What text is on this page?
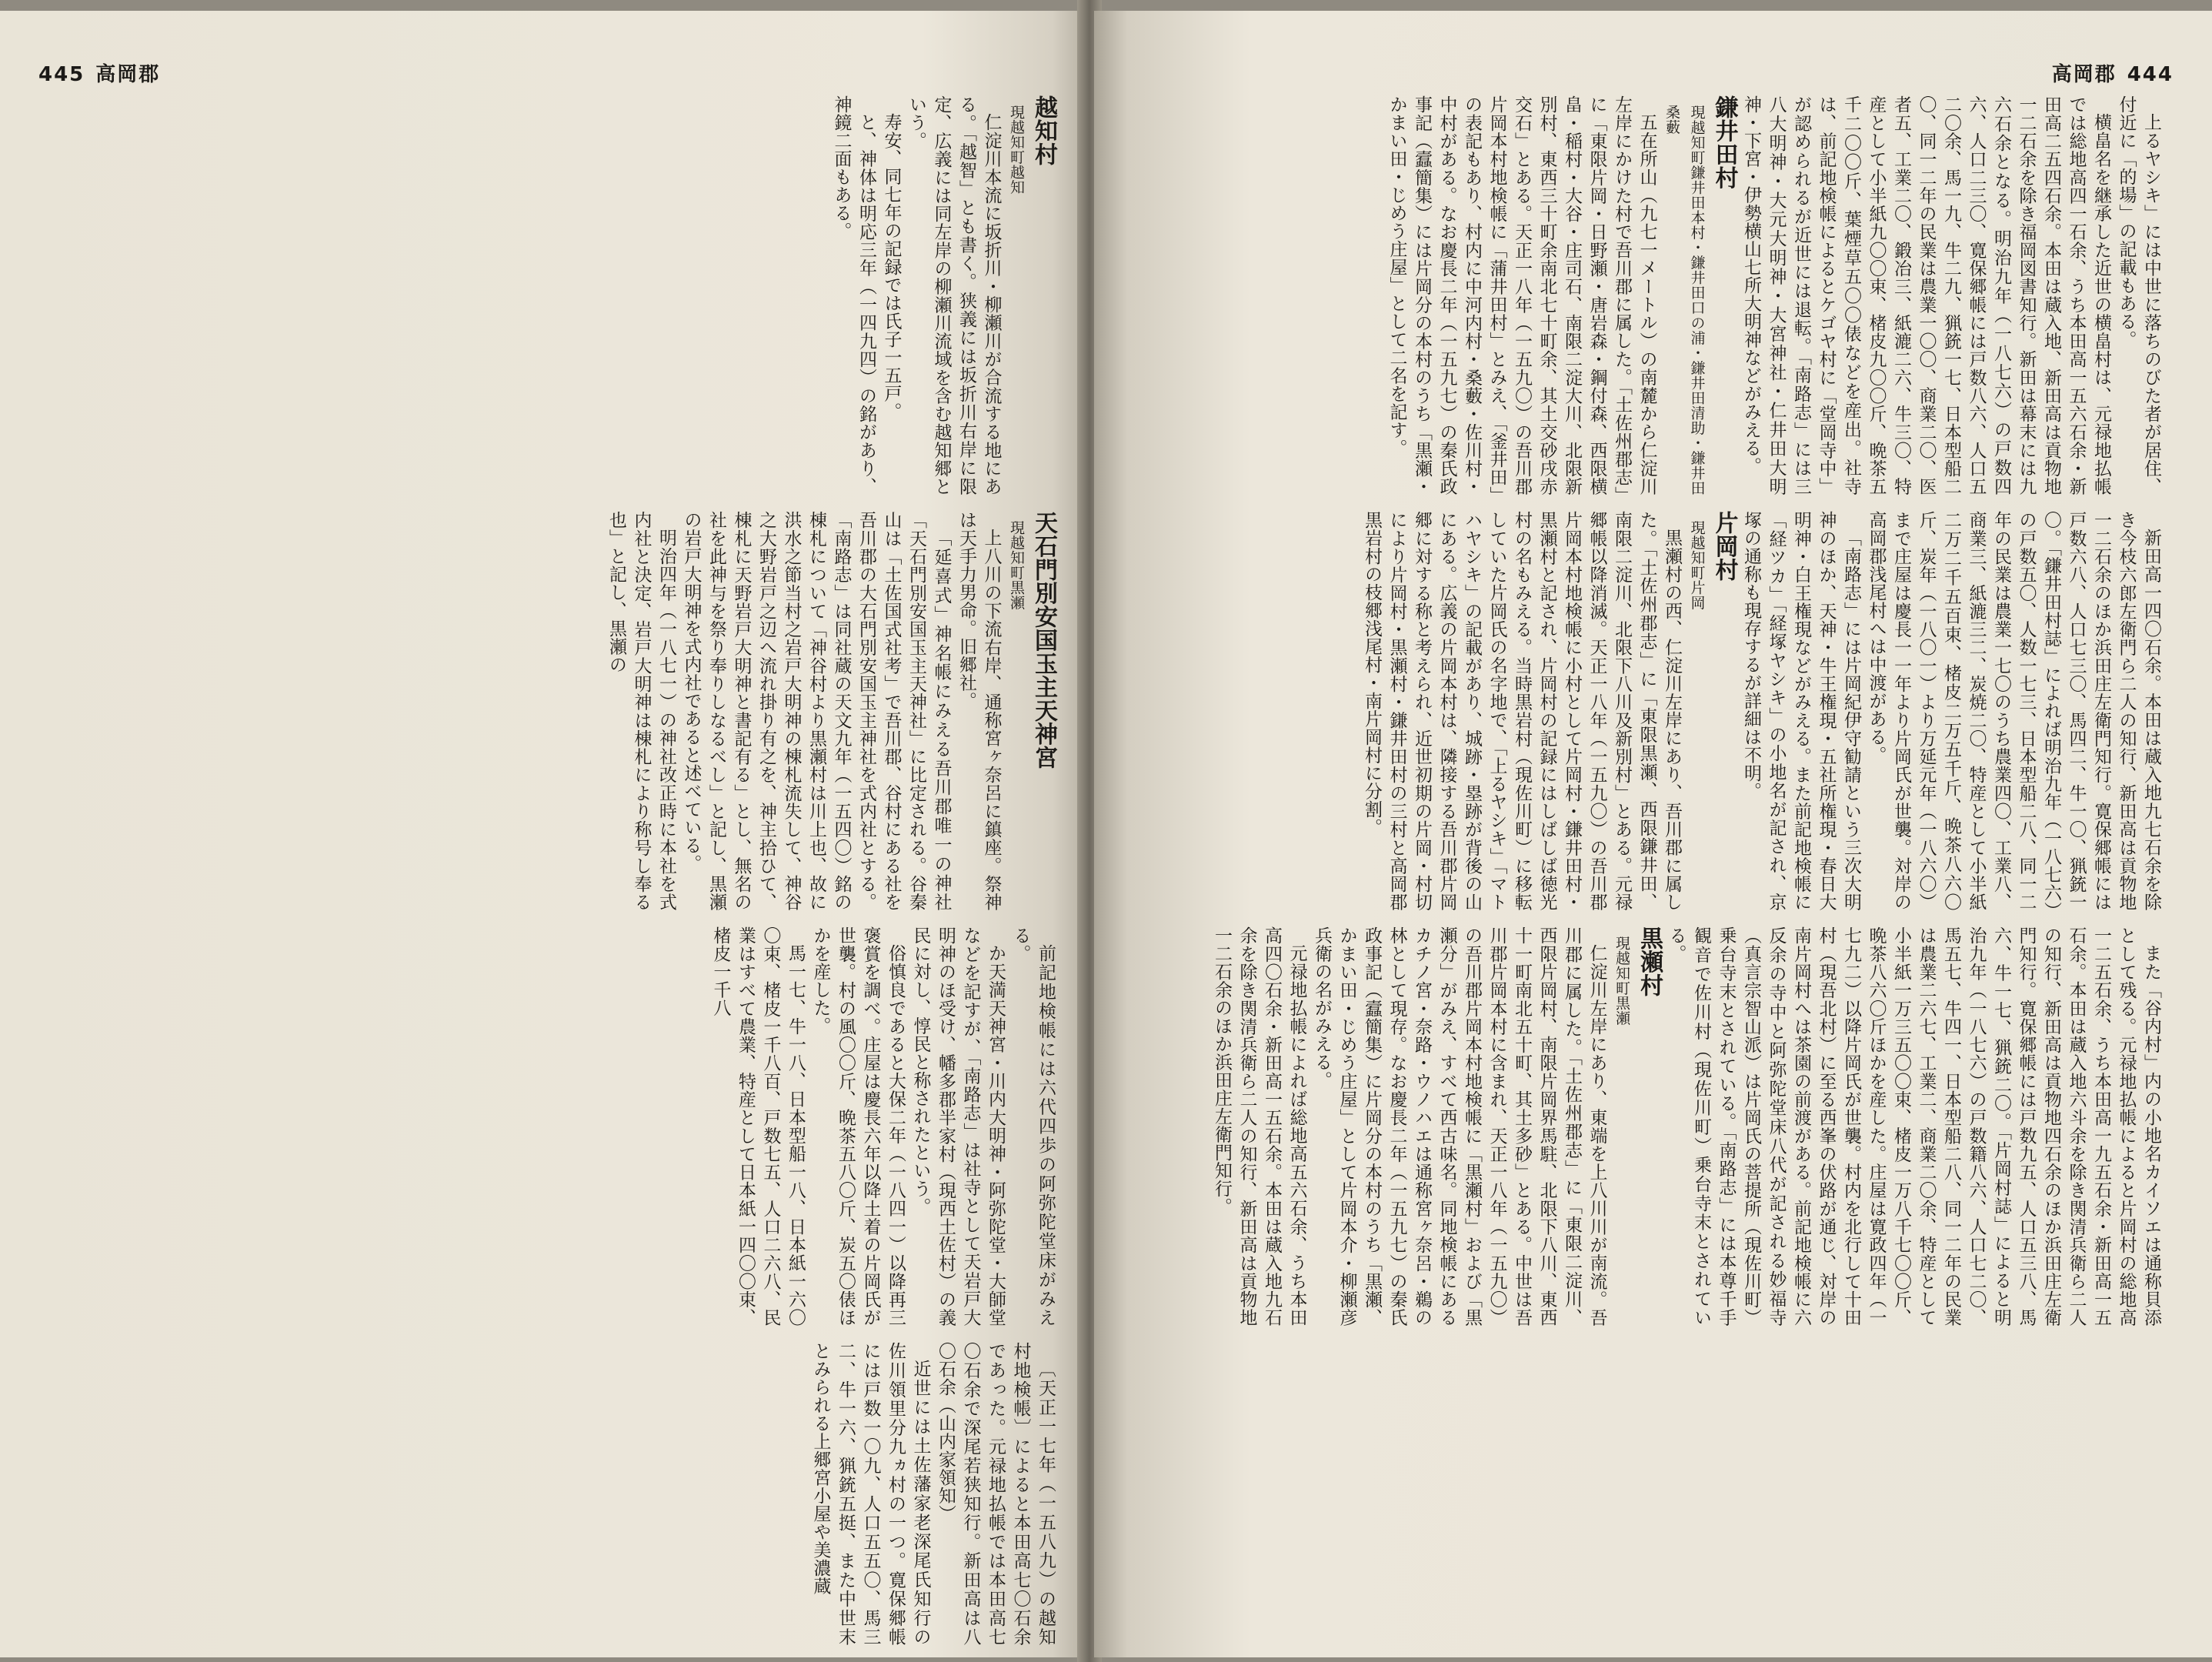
445 高岡郡
越知村
現越知町越知

仁淀川本流に坂折川・柳瀬川が合流する地にある。「越智」とも書く。狭義には坂折川右岸に限定、広義には同左岸の柳瀬川流域を含む越知郷という。

寿安、同七年の記録では氏子一五戸。

と、神体は明応三年（一四九四）の銘があり、神鏡二面もある。

天石門別安国玉主天神宮
現越知町黒瀬

上八川の下流右岸、通称宮ヶ奈呂に鎮座。祭神は天手力男命。旧郷社。

「延喜式」神名帳にみえる吾川郡唯一の神社「天石門別安国玉主天神社」に比定される。谷秦山は「土佐国式社考」で吾川郡、谷村にある社を吾川郡の大石門別安国玉主神社を式内社とする。「南路志」は同社蔵の天文九年（一五四〇）銘の棟札について「神谷村より黒瀬村は川上也、故に洪水之節当村之岩戸大明神の棟札流失して、神谷之大野岩戸之辺へ流れ掛り有之を、神主拾ひて、棟札に天野岩戸大明神と書記有る」とし、無名の社を此神与を祭り奉りしなるべし」と記し、黒瀬の岩戸大明神を式内社であると述べている。

明治四年（一八七一）の神社改正時に本社を式内社と決定、岩戸大明神は棟札により称号し奉る也」と記し、黒瀬の

前記地検帳には六代四歩の阿弥陀堂床がみえる。

か天満天神宮・川内大明神・阿弥陀堂・大師堂などを記すが、「南路志」は社寺として天岩戸大明神のほ受け、幡多郡半家村（現西土佐村）の義民に対し、惇民と称されたという。

俗慎良であると大保二年（一八四一）以降再三褒賞を調べ。庄屋は慶長六年以降土着の片岡氏が世襲。村の風〇〇斤、晩茶五八〇斤、炭五〇俵ほかを産した。

馬一七、牛一八、日本型船一八、日本紙一六〇〇束、楮皮一千八百、戸数七五、人口二六八、民業はすべて農業、特産として日本紙一四〇〇束、楮皮一千八

〔天正一七年（一五八九）の越知村地検帳〕によると本田高七〇石余であった。元禄地払帳では本田高七〇石余で深尾若狭知行。新田高は八〇石余（山内家領知）

近世には土佐藩家老深尾氏知行の佐川領里分九ヵ村の一つ。寛保郷帳には戸数一〇九、人口五五〇、馬三二、牛一六、猟銃五挺、また中世末とみられる上郷宮小屋や美濃蔵

高岡郡 444

上るヤシキ」には中世に落ちのびた者が居住、付近に「的場」の記載もある。

横畠名を継承した近世の横畠村は、元禄地払帳では総地高四一石余、うち本田高一五六石余・新田高二五四石余。本田は蔵入地、新田高は貢物地一二石余を除き福岡図書知行。新田は幕末には九六石余となる。明治九年（一八七六）の戸数四六、人口二三〇、寛保郷帳には戸数八六、人口五二〇余、馬一九、牛二九、猟銃一七、日本型船二〇、同一二年の民業は農業一〇〇、商業二〇、医者五、工業二〇、鍛冶三、紙漉二六、牛三〇、特産として小半紙九〇〇束、楮皮九〇〇斤、晩茶五千二〇〇斤、葉煙草五〇〇俵などを産出。社寺は、前記地検帳によるとケゴヤ村に「堂岡寺中」が認められるが近世には退転。「南路志」には三八大明神・大元大明神・大宮神社・仁井田大明神・下宮・伊勢横山七所大明神などがみえる。

鎌井田村
現越知町鎌井田本村・鎌井田口の浦・鎌井田清助・鎌井田桑藪

五在所山（九七一メートル）の南麓から仁淀川左岸にかけた村で吾川郡に属した。「土佐州郡志」に「東限片岡・日野瀬・唐岩森・鋼付森、西限横畠・稲村・大谷・庄司石、南限二淀大川、北限新別村、東西三十町余南北七十町余、其土交砂戌赤交石」とある。天正一八年（一五九〇）の吾川郡片岡本村地検帳に「蒲井田村」とみえ、「釜井田」の表記もあり、村内に中河内村・桑藪・佐川村・中村がある。なお慶長二年（一五九七）の秦氏政事記（蠧簡集）には片岡分の本村のうち「黒瀬・かまい田・じめう庄屋」として二名を記す。

新田高一四〇石余。本田は蔵入地九七石余を除き今枝六郎左衛門ら二人の知行、新田高は貢物地一二石余のほか浜田庄左衛門知行。寛保郷帳には戸数六八、人口七三〇、馬四二、牛一〇、猟銃一〇。「鎌井田村誌」によれば明治九年（一八七六）の戸数五〇、人数一七三、日本型船二八、同一二年の民業は農業一七〇のうち農業四〇、工業八、商業三、紙漉三二、炭焼二〇、特産として小半紙二万二千五百束、楮皮二万五千斤、晩茶八六〇斤、炭年（一八〇一）より万延元年（一八六〇）まで庄屋は慶長一一年より片岡氏が世襲。対岸の高岡郡浅尾村へは中渡がある。

「南路志」には片岡紀伊守勧請という三次大明神のほか、天神・牛王権現・五社所権現・春日大明神・白王権現などがみえる。また前記地検帳に「経ツカ」「経塚ヤシキ」の小地名が記され、京塚の通称も現存するが詳細は不明。

片岡村
現越知町片岡

黒瀬村の西、仁淀川左岸にあり、吾川郡に属した。「土佐州郡志」に「東限黒瀬、西限鎌井田、南限二淀川、北限下八川及新別村」とある。元禄郷帳以降消滅。天正一八年（一五九〇）の吾川郡片岡本村地検帳に小村として片岡村・鎌井田村・黒瀬村と記され、片岡村の記録にはしばしば徳光村の名もみえる。当時黒岩村（現佐川町）に移転していた片岡氏の名字地で、「上るヤシキ」「マトハヤシキ」の記載があり、城跡・塁跡が背後の山にある。広義の片岡本村は、隣接する吾川郡片岡郷に対する称と考えられ、近世初期の片岡・村切により片岡村・黒瀬村・鎌井田村の三村と高岡郡黒岩村の枝郷浅尾村・南片岡村に分割。

また「谷内村」内の小地名カイソエは通称貝添として残る。元禄地払帳によると片岡村の総地高一二五石余、うち本田高一九五石余・新田高一五石余。本田は蔵入地六斗余を除き関清兵衛ら二人の知行、新田高は貢物地四石余のほか浜田庄左衛門知行。寛保郷帳には戸数九五、人口五三八、馬六、牛一七、猟銃二〇。「片岡村誌」によると明治九年（一八七六）の戸数籍八六、人口七二〇、馬五七、牛四一、日本型船二八、同一二年の民業は農業二六七、工業二、商業二〇余、特産として小半紙一万三五〇〇束、楮皮一万八千七〇〇斤、晩茶八六〇斤ほかを産した。庄屋は寛政四年（一七九二）以降片岡氏が世襲。村内を北行して十田村（現吾北村）に至る西峯の伏路が通じ、対岸の南片岡村へは茶園の前渡がある。前記地検帳に六反余の寺中と阿弥陀堂床八代が記される妙福寺（真言宗智山派）は片岡氏の菩提所（現佐川町）乗台寺末とされている。「南路志」には本尊千手観音で佐川村（現佐川町）乗台寺末とされている。

黒瀬村
現越知町黒瀬

仁淀川左岸にあり、東端を上八川川が南流。吾川郡に属した。「土佐州郡志」に「東限二淀川、西限片岡村、南限片岡界馬駐、北限下八川、東西十一町南北五十町、其土多砂」とある。中世は吾川郡片岡本村に含まれ、天正一八年（一五九〇）の吾川郡片岡本村地検帳に「黒瀬村」および「黒瀬分」がみえ、すべて西古味名。同地検帳にあるカチノ宮・奈路・ウノハエは通称宮ヶ奈呂・鵜の林として現存。なお慶長二年（一五九七）の秦氏政事記（蠧簡集）に片岡分の本村のうち「黒瀬、かまい田・じめう庄屋」として片岡本介・柳瀬彦兵衛の名がみえる。

元禄地払帳によれば総地高五六石余、うち本田高四〇石余・新田高一五石余。本田は蔵入地九石余を除き関清兵衛ら二人の知行、新田高は貢物地一二石余のほか浜田庄左衛門知行。
